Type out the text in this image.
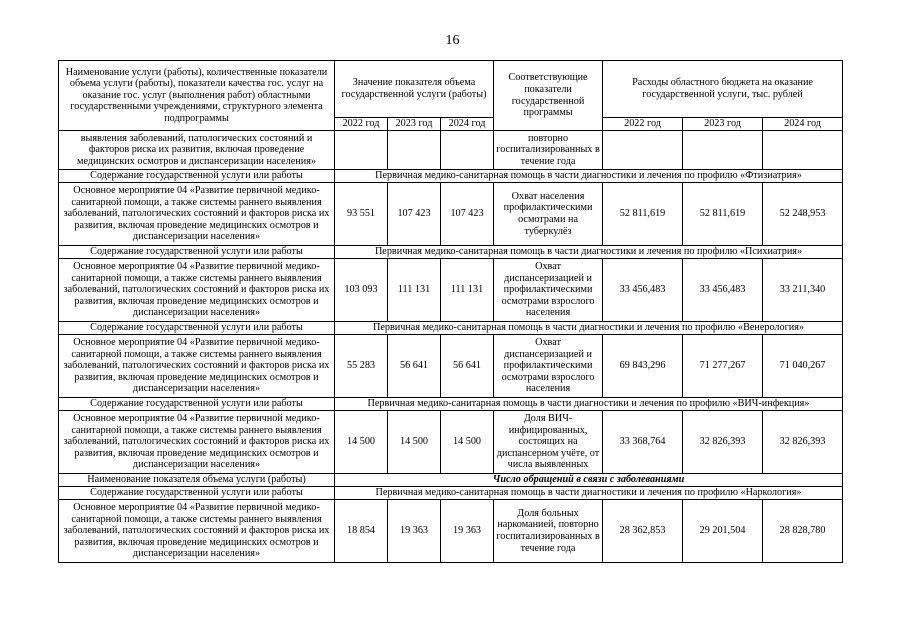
16
Наименование услуги (работы), количественные показатели объема услуги (работы), показатели качества гос. услуг на оказание гос. услуг (выполнения работ) областными государственными учреждениями, структурного элемента подпрограммы	Значение показателя объема государственной услуги (работы)			Соответствующие показатели государственной программы	Расходы областного бюджета на оказание государственной услуги, тыс. рублей		
	2022 год	2023 год	2024 год		2022 год	2023 год	2024 год
выявления заболеваний, патологических состояний и факторов риска их развития, включая проведение медицинских осмотров и диспансеризации населения»				повторно госпитализированных в течение года			
Содержание государственной услуги или работы	Первичная медико-санитарная помощь в части диагностики и лечения по профилю «Фтизиатрия»						
Основное мероприятие 04 «Развитие первичной медико-санитарной помощи, а также системы раннего выявления заболеваний, патологических состояний и факторов риска их развития, включая проведение медицинских осмотров и диспансеризации населения»	93 551	107 423	107 423	Охват населения профилактическими осмотрами на туберкулёз	52 811,619	52 811,619	52 248,953
Содержание государственной услуги или работы	Первичная медико-санитарная помощь в части диагностики и лечения по профилю «Психиатрия»						
Основное мероприятие 04 «Развитие первичной медико-санитарной помощи, а также системы раннего выявления заболеваний, патологических состояний и факторов риска их развития, включая проведение медицинских осмотров и диспансеризации населения»	103 093	111 131	111 131	Охват диспансеризацией и профилактическими осмотрами взрослого населения	33 456,483	33 456,483	33 211,340
Содержание государственной услуги или работы	Первичная медико-санитарная помощь в части диагностики и лечения по профилю «Венерология»						
Основное мероприятие 04 «Развитие первичной медико-санитарной помощи, а также системы раннего выявления заболеваний, патологических состояний и факторов риска их развития, включая проведение медицинских осмотров и диспансеризации населения»	55 283	56 641	56 641	Охват диспансеризацией и профилактическими осмотрами взрослого населения	69 843,296	71 277,267	71 040,267
Содержание государственной услуги или работы	Первичная медико-санитарная помощь в части диагностики и лечения по профилю «ВИЧ-инфекция»						
Основное мероприятие 04 «Развитие первичной медико-санитарной помощи, а также системы раннего выявления заболеваний, патологических состояний и факторов риска их развития, включая проведение медицинских осмотров и диспансеризации населения»	14 500	14 500	14 500	Доля ВИЧ-инфицированных, состоящих на диспансерном учёте, от числа выявленных	33 368,764	32 826,393	32 826,393
Наименование показателя объема услуги (работы)	Число обращений в связи с заболеваниями						
Содержание государственной услуги или работы	Первичная медико-санитарная помощь в части диагностики и лечения по профилю «Наркология»						
Основное мероприятие 04 «Развитие первичной медико-санитарной помощи, а также системы раннего выявления заболеваний, патологических состояний и факторов риска их развития, включая проведение медицинских осмотров и диспансеризации населения»	18 854	19 363	19 363	Доля больных наркоманией, повторно госпитализированных в течение года	28 362,853	29 201,504	28 828,780
